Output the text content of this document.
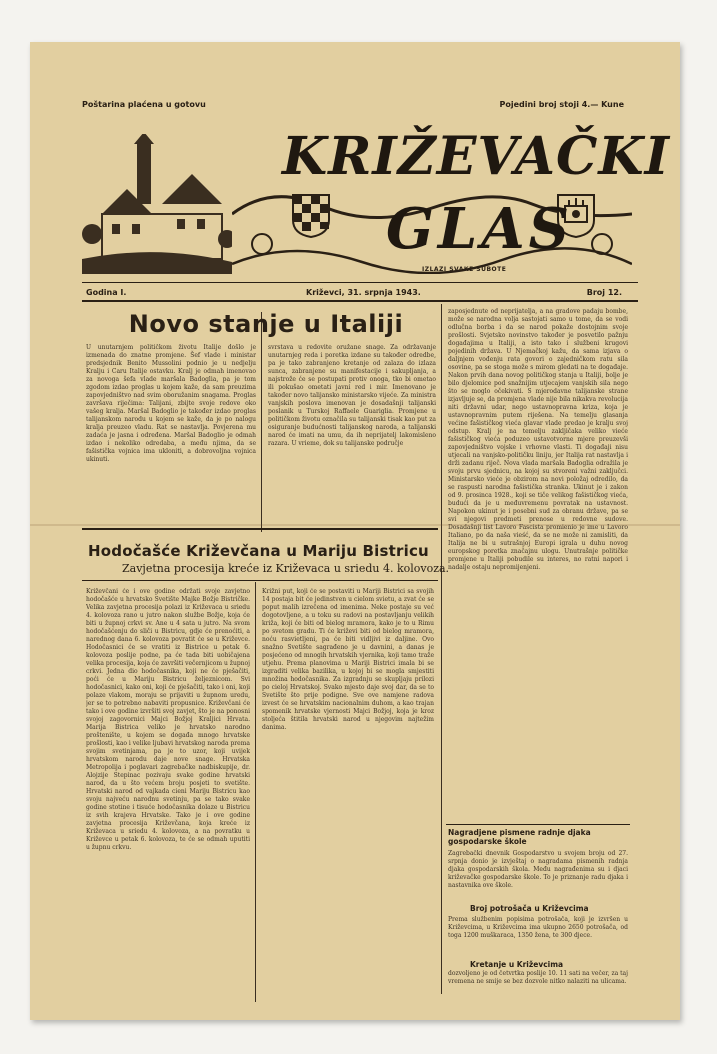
Poštarina plaćena u gotovu	Pojedini broj stoji 4.— Kune
KRIŽEVAČKI
GLAS
IZLAZI SVAKE SUBOTE
Godina I.	Križevci, 31. srpnja 1943.	Broj 12.
Novo stanje u Italiji
U unutarnjem političkom životu Italije došlo je izmenada do znatne promjene. Šef vlade i ministar predsjednik Benito Mussolini podnio je u nedjelju Kralju i Caru Italije ostavku. Kralj je odmah imenovao za novoga šefa vlade maršala Badoglia, pa je tom zgodom izdao proglas u kojem kaže, da sam preuzima zapovjedništvo nad svim oboružanim snagama. Proglas završava riječima: Talijani, zbijte svoje redove oko vašeg kralja. Maršal Badoglio je također izdao proglas talijanskom narodu u kojem se kaže, da je po nalogu kralja preuzeo vladu. Rat se nastavlja. Povjerena mu zadaća je jasna i određena. Maršal Badoglio je odmah izdao i nekoliko odredaba, a među njima, da se fašistička vojnica ima ukloniti, a dobrovoljna vojnica ukinuti.
svrstava u redovite oružane snage. Za održavanje unutarnjeg reda i poretka izdane su također odredbe, pa je tako zabranjeno kretanje od zalaza do izlaza sunca, zabranjene su manifestacije i sakupljanja, a najstrože će se postupati protiv onoga, tko bi ometao ili pokušao ometati javni red i mir. Imenovano je također novo talijansko ministarsko vijeće. Za ministra vanjskih poslova imenovan je dosadašnji talijanski poslanik u Turskoj Raffaele Guariglia. Promjene u političkom životu označila su talijanski tisak kao put za osiguranje budućnosti talijanskog naroda, a talijanski narod će imati na umu, da ih neprijatelj lakomisleno razara. U vrieme, dok su talijanske područje
zaposjednute od neprijatelja, a na gradove padaju bombe, može se narodna volja sastojati samo u tome, da se vodi odlučna borba i da se narod pokaže dostojnim svoje prošlosti. Svjetsko novinstvo također je posvetilo pažnju događajima u Italiji, a isto tako i službeni krugovi pojedinih država. U Njemačkoj kažu, da sama izjava o daljnjem vođenju rata govori o zajedničkom ratu sila osovine, pa se stoga može s mirom gledati na te događaje. Nakon prvih dana novog političkog stanja u Italiji, bolje je bilo djelomice pod snažnijim utjecajem vanjskih sila nego što se moglo očekivati. S mjerodavne talijanske strane izjavljuje se, da promjena vlade nije bila nikakva revolucija niti državni udar, nego ustavnopravna kriza, koja je ustavnopravnim putem riješena. Na temelju glasanja većine fašističkog vieća glavar vlade predao je kralju svoj odstup. Kralj je na temelju zakljičaka veliko vieće fašističkog vieća poduzeo ustavotvorne mjere preuzevši zapovjedništvo vojske i vrhovne vlasti. Ti događaji nisu utjecali na vanjsko-političku liniju, jer Italija rat nastavlja i drži zadanu riječ. Nova vlada maršala Badoglia odražila je svoju prvu sjednicu, na kojoj su stvoreni važni zaključci. Ministarsko vieće je obzirom na novi položaj odredilo, da se raspusti narodna fašistička stranka. Ukinut je i zakon od 9. prosinca 1928., koji se tiče velikog fašističkog vieća, budući da je u međuvremenu povratak na ustavnost. Napokon ukinut je i posebni sud za obranu države, pa se svi njegovi predmeti prenose u redovne sudove. Dosadašnji list Lavoro Fascista promienio je ime u Lavoro Italiano, po da naša vieść, da se ne može ni zamisliti, da Italija ne bi u sutrašnjoj Europi igrala u duhu novog europskog poretka značajnu ulogu. Unutrašnje političke promjene u Italiji pobudile su interes, no ratni napori i nadalje ostaju nepromijenjeni.
Hodočašće Križevčana u Mariju Bistricu
Zavjetna procesija kreće iz Križevaca u sriedu 4. kolovoza.
Križevčani će i ove godine održati svoje zavjetno hodočašće u hrvatsko Svetište Majke Božje Bistričke. Velika zavjetna procesija polazi iz Križevaca u sriedu 4. kolovoza rano u jutro nakon službe Božje, koja će biti u župnoj crkvi sv. Ane u 4 sata u jutro. Na svom hodočašćenju do sliči u Bistricu, gdje će prenoćiti, a narednog dana 6. kolovoza povratit će se u Križevce. Hodočasnici će se vratiti iz Bistrice u petak 6. kolovoza poslije podne, pa će tada biti uobičajena velika procesija, koja će završiti večernjicom u župnoj crkvi. Jedna dio hodočasnika, koji ne će pješačiti, poći će u Mariju Bistricu željeznicom. Svi hodočasnici, kako oni, koji će pješačiti, tako i oni, koji polaze vlakom, moraju se prijaviti u župnom uredu, jer se to potrebno nabaviti propusnice. Križevčani će tako i ove godine izvršiti svoj zavjet, što je na ponosni svojoj zagovornici Majci Božjoj Kraljici Hrvata. Marija Bistrica veliko je hrvatsko narodno proštenište, u kojem se događa mnogo hrvatske prošlosti, kao i velike ljubavi hrvatskog naroda prema svojim svetinjama, pa je to uzor, koji uvijek hrvatskom narodu daje nove snage. Hrvatska Metropolija i poglavari zagrebačke nadbiskupije, dr. Alojzije Stepinac pozivaju svake godine hrvatski narod, da u što većem broju posjeti to svetište. Hrvatski narod od vajkada cieni Mariju Bistricu kao svoju najveću narodnu svetinju, pa se tako svake godine stotine i tisuće hodočasnika dolaze u Bistricu iz svih krajeva Hrvatske. Tako je i ove godine zavjetna procesija Križevčana, koja kreće iz Križevaca u sriedu 4. kolovoza, a na povratku u Križevce u petak 6. kolovoza, te će se odmah uputiti u župnu crkvu.
Križni put, koji će se postaviti u Mariji Bistrici sa svojih 14 postaja bit će jedinstven u cielom svietu, a zvat će se poput malih izrečena od imenima. Neke postaje su već dogotovljene, a u toku su radovi na postavljanju velikih križa, koji će biti od bielog mramora, kako je to u Rimu po svetom gradu. Ti će križevi biti od bielog mramora, noću rasvietljeni, pa će biti vidljivi iz daljine. Ovo snažno Svetište sagrađeno je u davnini, a danas je posjećeno od mnogih hrvatskih vjernika, koji tamo traže utjehu. Prema planovima u Mariji Bistrici imala bi se izgraditi velika bazilika, u kojoj bi se mogla smjestiti množina hodočasnika. Za izgradnju se skupljaju prilozi po cieloj Hrvatskoj. Svako mjesto daje svoj dar, da se to Svetište što prije podigne. Sve ove namjene radova izvest će se hrvatskim nacionalnim duhom, a kao trajan spomenik hrvatske vjernosti Majci Božjoj, koja je kroz stoljeća štitila hrvatski narod u njegovim najtežim danima.
Nagradjene pismene radnje djaka gospodarske škole
Zagrebački dnevnik Gospodarstvo u svojem broju od 27. srpnja donio je izvještaj o nagradama pismenih radnja djaka gospodarskih škola. Među nagrađenima su i djaci križevačke gospodarske škole. To je priznanje radu djaka i nastavnika ove škole.
Broj potrošača u Križevcima
Prema službenim popisima potrošača, koji je izvršen u Križevcima, u Križevcima ima ukupno 2650 potrošača, od toga 1200 muškaraca, 1350 žena, te 300 djece.
Kretanje u Križevcima
dozvoljeno je od četvrtka poslije 10. 11 sati na večer, za taj vremena ne smije se bez dozvole nitko nalaziti na ulicama.
